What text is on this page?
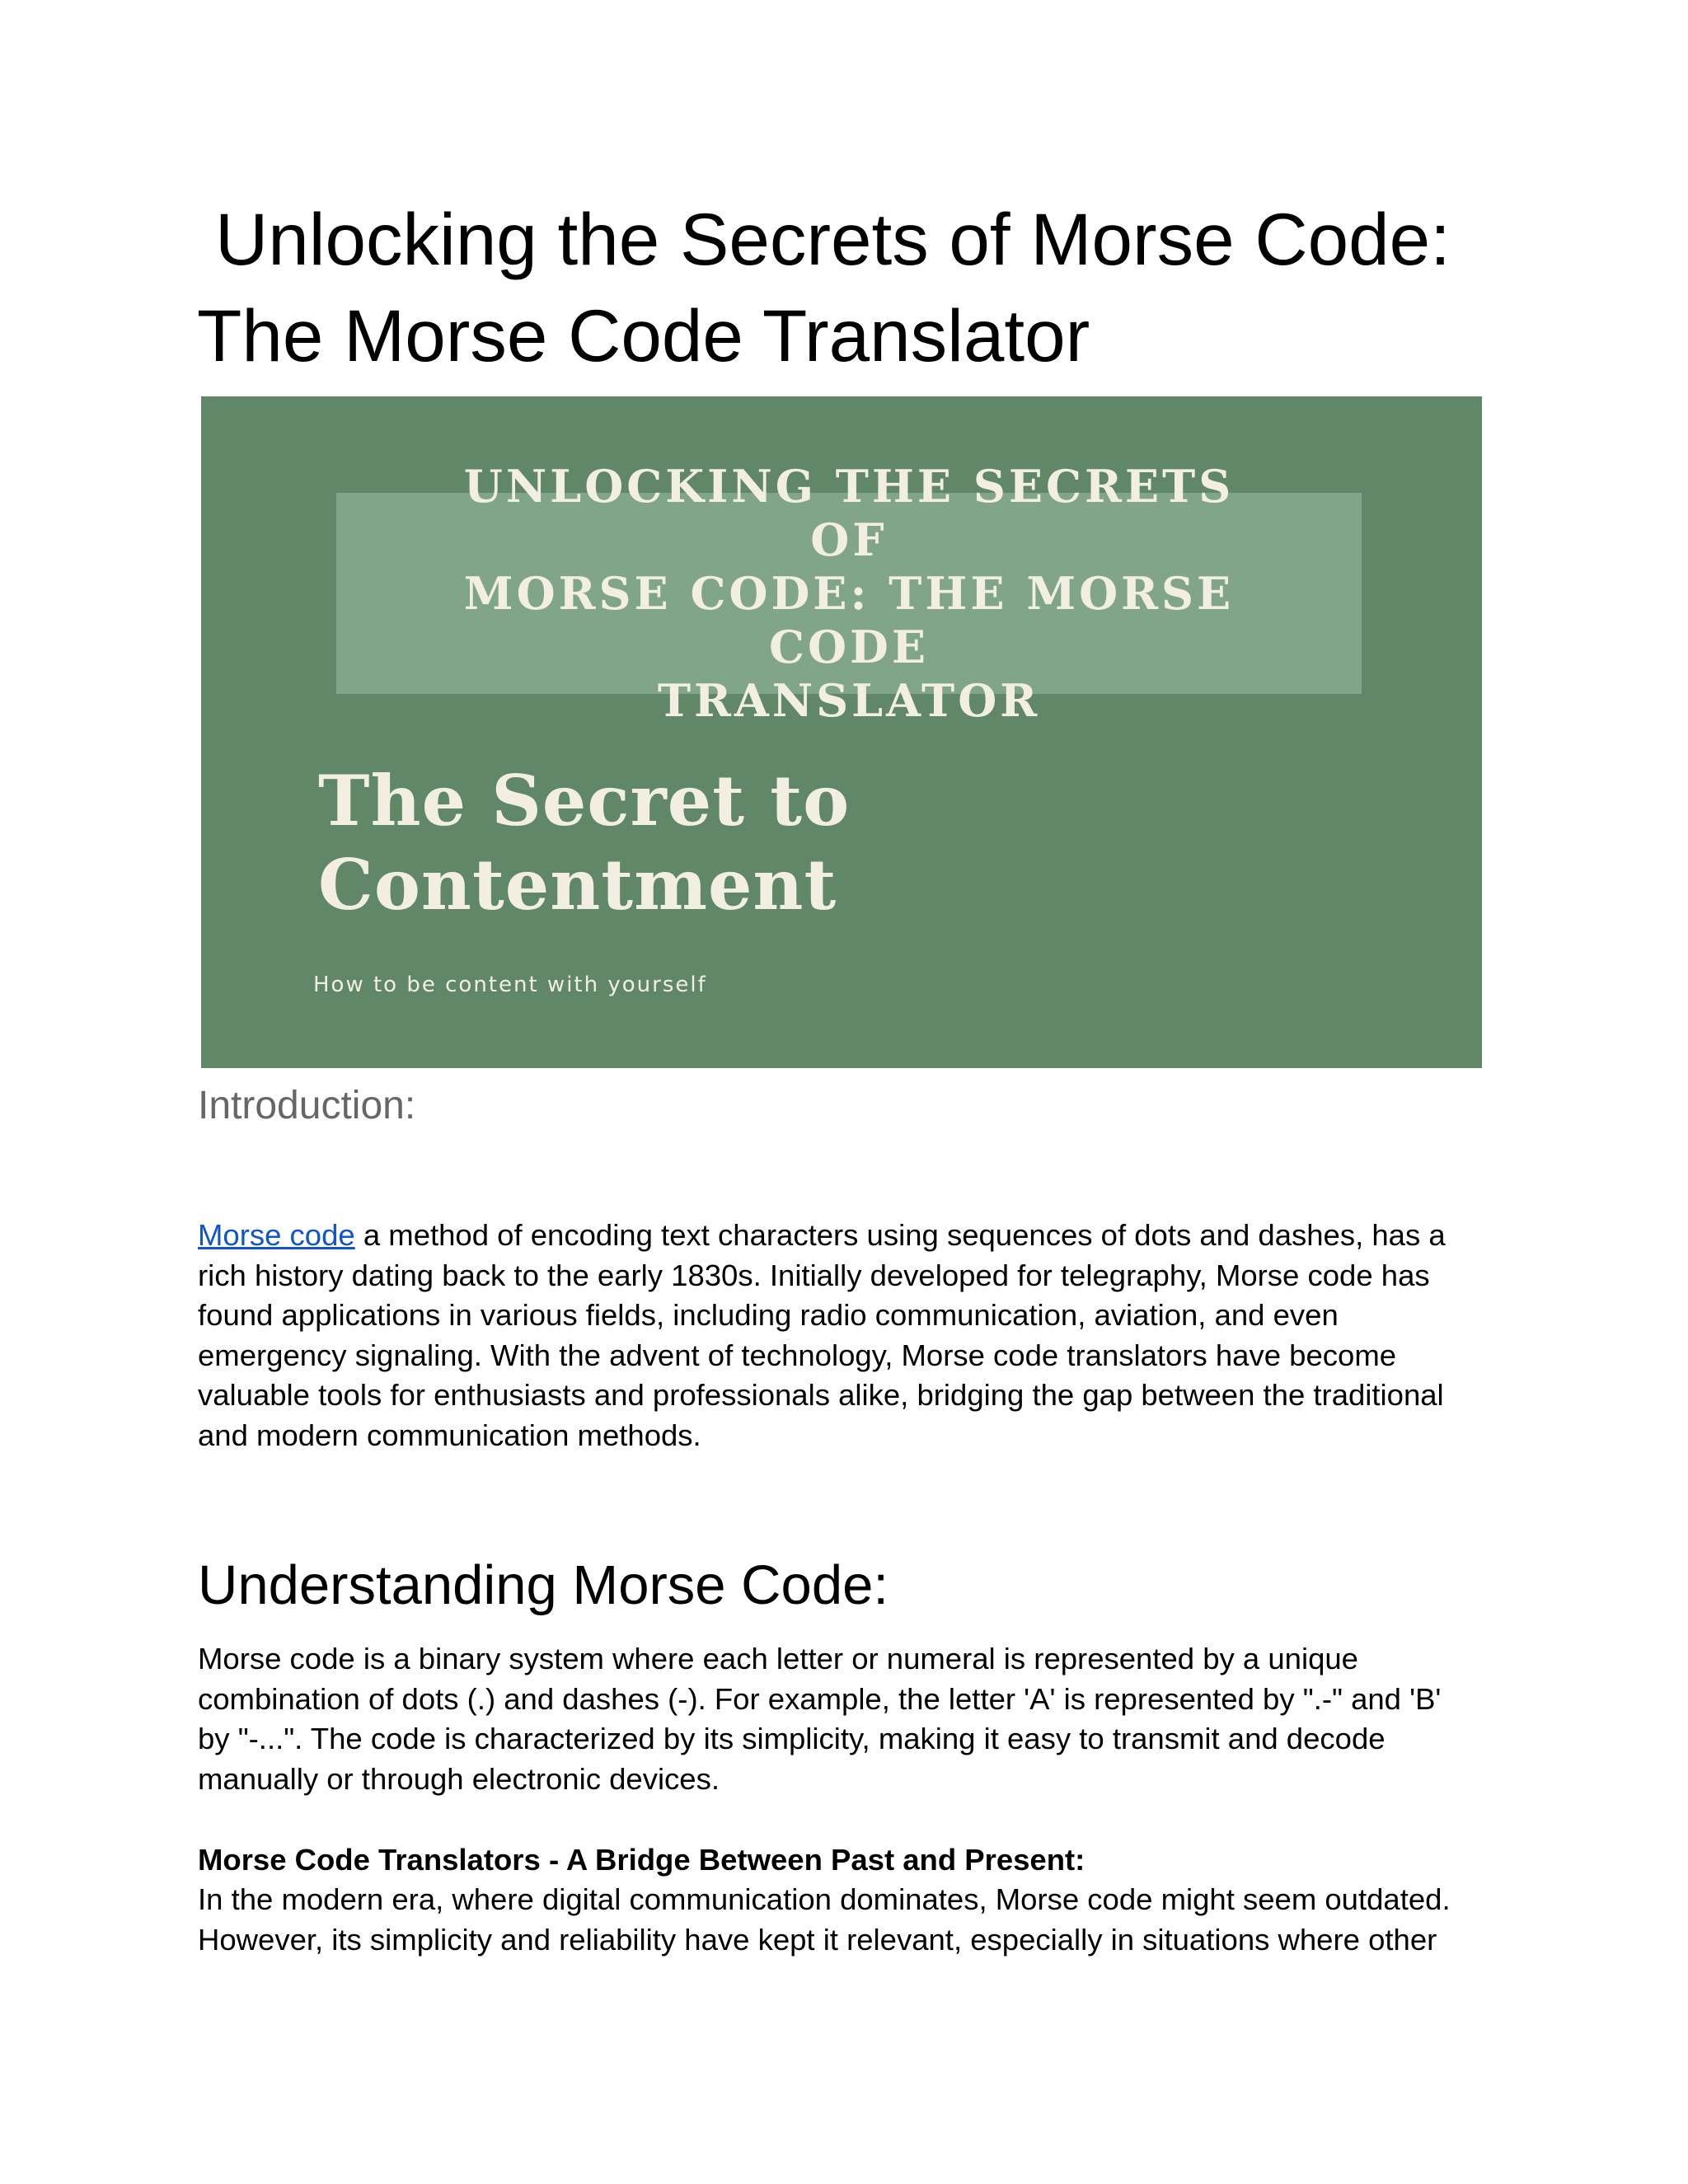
Unlocking the Secrets of Morse Code:
The Morse Code Translator
UNLOCKING THE SECRETS OF
MORSE CODE: THE MORSE CODE
TRANSLATOR
The Secret to
Contentment
How to be content with yourself
Introduction:
Morse code a method of encoding text characters using sequences of dots and dashes, has a
rich history dating back to the early 1830s. Initially developed for telegraphy, Morse code has
found applications in various fields, including radio communication, aviation, and even
emergency signaling. With the advent of technology, Morse code translators have become
valuable tools for enthusiasts and professionals alike, bridging the gap between the traditional
and modern communication methods.
Understanding Morse Code:
Morse code is a binary system where each letter or numeral is represented by a unique
combination of dots (.) and dashes (-). For example, the letter 'A' is represented by ".-" and 'B'
by "-...". The code is characterized by its simplicity, making it easy to transmit and decode
manually or through electronic devices.
Morse Code Translators - A Bridge Between Past and Present:
In the modern era, where digital communication dominates, Morse code might seem outdated.
However, its simplicity and reliability have kept it relevant, especially in situations where other
